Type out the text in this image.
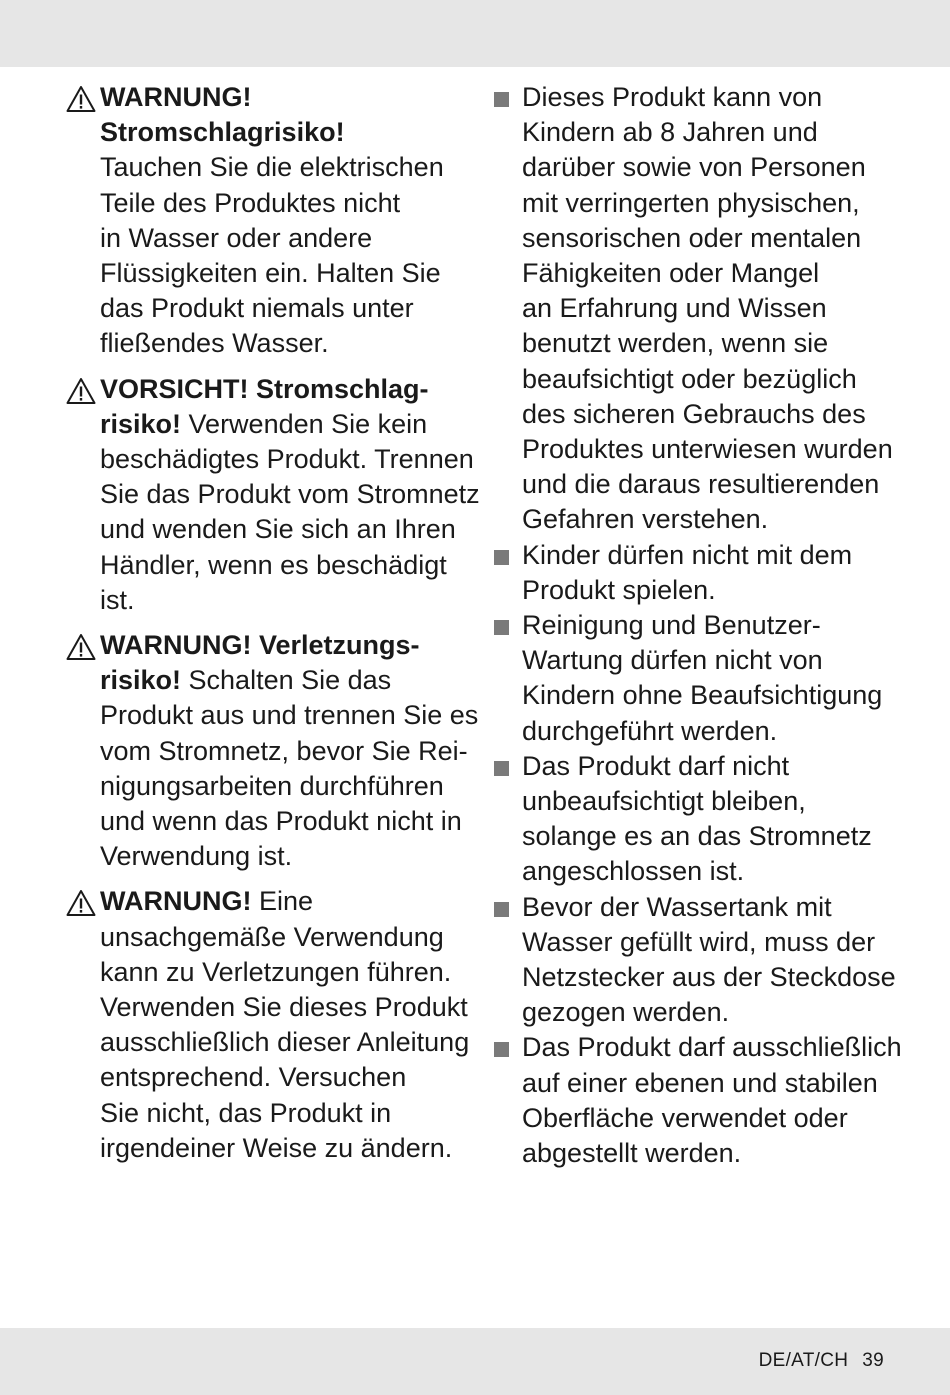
WARNUNG!
Stromschlagrisiko!
Tauchen Sie die elektrischen
Teile des Produktes nicht
in Wasser oder andere
Flüssigkeiten ein. Halten Sie
das Produkt niemals unter
fließendes Wasser.
VORSICHT! Stromschlag-
risiko! Verwenden Sie kein
beschädigtes Produkt. Trennen
Sie das Produkt vom Stromnetz
und wenden Sie sich an Ihren
Händler, wenn es beschädigt
ist.
WARNUNG! Verletzungs-
risiko! Schalten Sie das
Produkt aus und trennen Sie es
vom Stromnetz, bevor Sie Rei-
nigungsarbeiten durchführen
und wenn das Produkt nicht in
Verwendung ist.
WARNUNG! Eine
unsachgemäße Verwendung
kann zu Verletzungen führen.
Verwenden Sie dieses Produkt
ausschließlich dieser Anleitung
entsprechend. Versuchen
Sie nicht, das Produkt in
irgendeiner Weise zu ändern.
Dieses Produkt kann von
Kindern ab 8 Jahren und
darüber sowie von Personen
mit verringerten physischen,
sensorischen oder mentalen
Fähigkeiten oder Mangel
an Erfahrung und Wissen
benutzt werden, wenn sie
beaufsichtigt oder bezüglich
des sicheren Gebrauchs des
Produktes unterwiesen wurden
und die daraus resultierenden
Gefahren verstehen.
Kinder dürfen nicht mit dem
Produkt spielen.
Reinigung und Benutzer-
Wartung dürfen nicht von
Kindern ohne Beaufsichtigung
durchgeführt werden.
Das Produkt darf nicht
unbeaufsichtigt bleiben,
solange es an das Stromnetz
angeschlossen ist.
Bevor der Wassertank mit
Wasser gefüllt wird, muss der
Netzstecker aus der Steckdose
gezogen werden.
Das Produkt darf ausschließlich
auf einer ebenen und stabilen
Oberfläche verwendet oder
abgestellt werden.
DE/AT/CH 39
